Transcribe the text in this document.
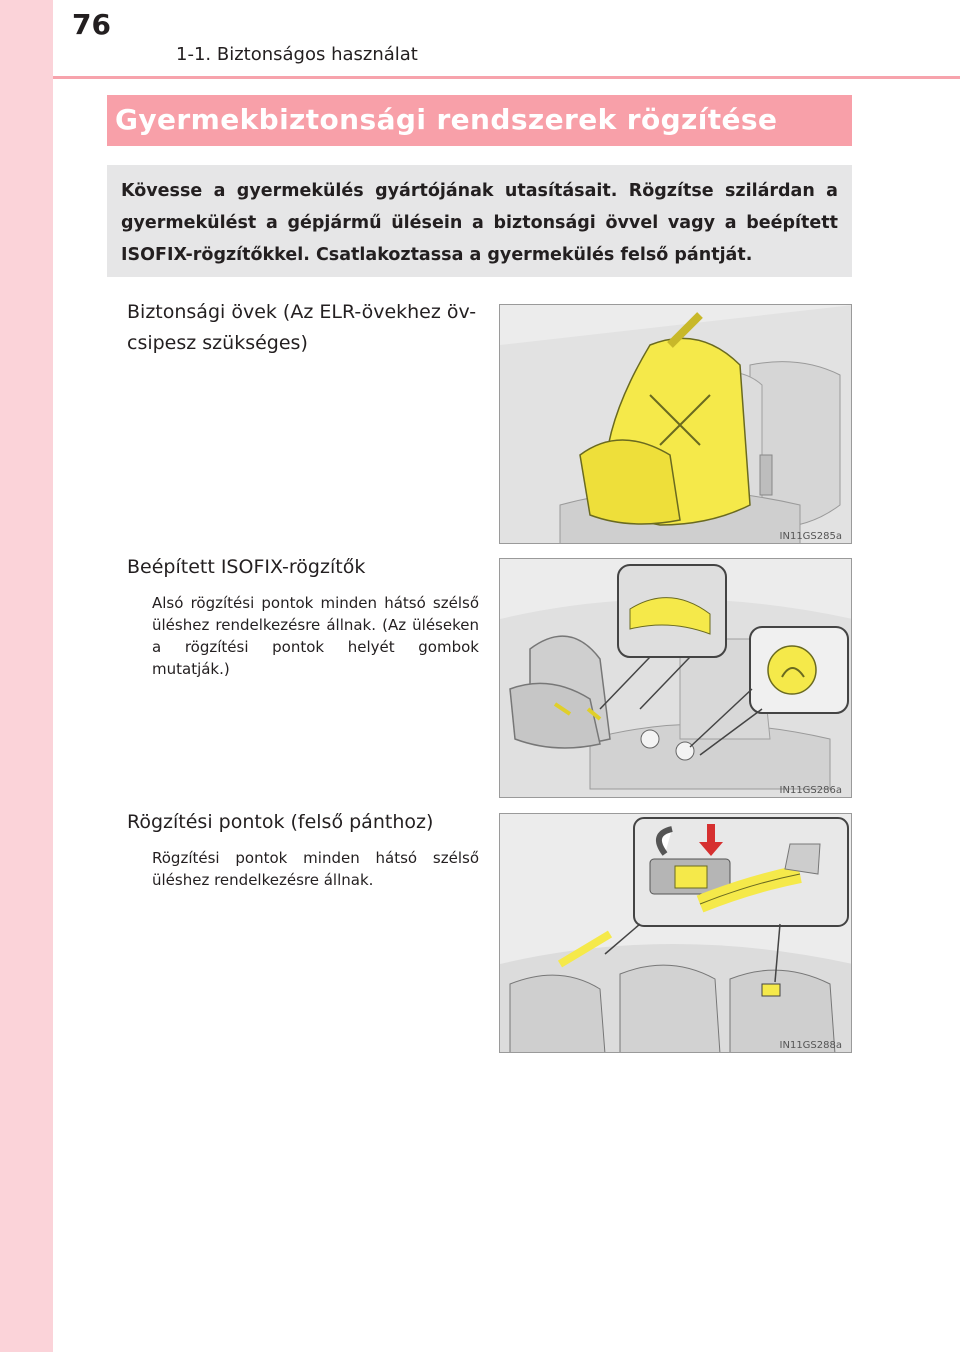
76
1-1. Biztonságos használat
Gyermekbiztonsági rendszerek rögzítése

Kövesse a gyermekülés gyártójának utasításait. Rögzítse szilárdan a gyermekülést a gépjármű ülésein a biztonsági övvel vagy a beépített ISOFIX-rögzítőkkel. Csatlakoztassa a gyermekülés felső pántját.

Biztonsági övek (Az ELR-övekhez öv-csipesz szükséges)
IN11GS285a
Beépített ISOFIX-rögzítők
Alsó rögzítési pontok minden hátsó szélső üléshez rendelkezésre állnak. (Az üléseken a rögzítési pontok helyét gombok mutatják.)
IN11GS286a
Rögzítési pontok (felső pánthoz)
Rögzítési pontok minden hátsó szélső üléshez rendelkezésre állnak.
IN11GS288a
